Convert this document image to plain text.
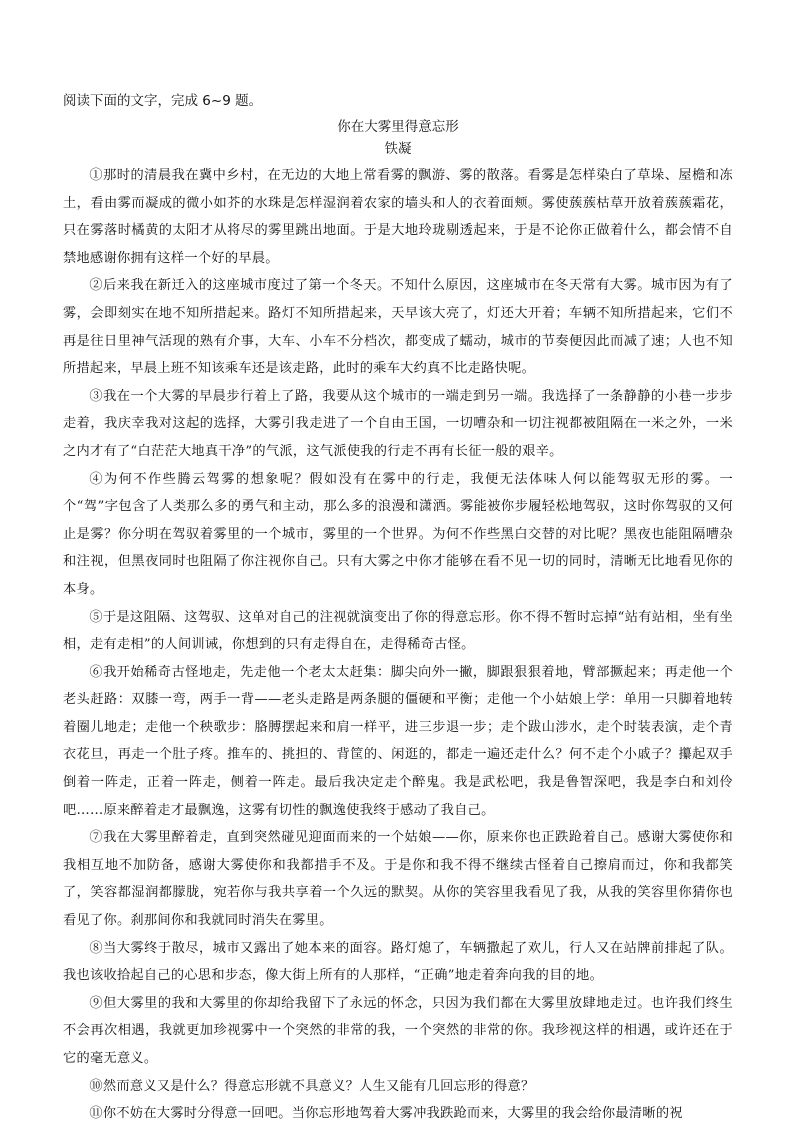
阅读下面的文字，完成 6~9 题。

你在大雾里得意忘形
铁凝

①那时的清晨我在冀中乡村，在无边的大地上常看雾的飘游、雾的散落。看雾是怎样染白了草垛、屋檐和冻土，看由雾而凝成的微小如芥的水珠是怎样湿润着农家的墙头和人的衣着面颊。雾使蔟蔟枯草开放着蔟蔟霜花，只在雾落时橘黄的太阳才从将尽的雾里跳出地面。于是大地玲珑剔透起来，于是不论你正做着什么，都会情不自禁地感谢你拥有这样一个好的早晨。

②后来我在新迁入的这座城市度过了第一个冬天。不知什么原因，这座城市在冬天常有大雾。城市因为有了雾，会即刻实在地不知所措起来。路灯不知所措起来，天早该大亮了，灯还大开着；车辆不知所措起来，它们不再是往日里神气活现的熟有介事，大车、小车不分档次，都变成了蠕动，城市的节奏便因此而减了速；人也不知所措起来，早晨上班不知该乘车还是该走路，此时的乘车大约真不比走路快呢。

③我在一个大雾的早晨步行着上了路，我要从这个城市的一端走到另一端。我选择了一条静静的小巷一步步走着，我庆幸我对这起的选择，大雾引我走进了一个自由王国，一切嘈杂和一切注视都被阻隔在一米之外，一米之内才有了“白茫茫大地真干净”的气派，这气派使我的行走不再有长征一般的艰辛。

④为何不作些腾云驾雾的想象呢？假如没有在雾中的行走，我便无法体味人何以能驾驭无形的雾。一个“驾”字包含了人类那么多的勇气和主动，那么多的浪漫和潇洒。雾能被你步履轻松地驾驭，这时你驾驭的又何止是雾？你分明在驾驭着雾里的一个城市，雾里的一个世界。为何不作些黑白交替的对比呢？黑夜也能阻隔嘈杂和注视，但黑夜同时也阻隔了你注视你自己。只有大雾之中你才能够在看不见一切的同时，清晰无比地看见你的本身。

⑤于是这阻隔、这驾驭、这单对自己的注视就演变出了你的得意忘形。你不得不暂时忘掉“站有站相，坐有坐相，走有走相”的人间训诫，你想到的只有走得自在，走得稀奇古怪。

⑥我开始稀奇古怪地走，先走他一个老太太赶集：脚尖向外一撇，脚跟狠狠着地，臂部撅起来；再走他一个老头赶路：双膝一弯，两手一背——老头走路是两条腿的僵硬和平衡；走他一个小姑娘上学：单用一只脚着地转着圈儿地走；走他一个秧歌步：胳膊摆起来和肩一样平，进三步退一步；走个跋山涉水，走个时装表演，走个青衣花旦，再走一个肚子疼。推车的、挑担的、背筐的、闲逛的，都走一遍还走什么？何不走个小戚子？攥起双手倒着一阵走，正着一阵走，侧着一阵走。最后我决定走个醉鬼。我是武松吧，我是鲁智深吧，我是李白和刘伶吧……原来醉着走才最飘逸，这雾有切性的飘逸使我终于感动了我自己。

⑦我在大雾里醉着走，直到突然碰见迎面而来的一个姑娘——你，原来你也正跌跄着自己。感谢大雾使你和我相互地不加防备，感谢大雾使你和我都措手不及。于是你和我不得不继续古怪着自己擦肩而过，你和我都笑了，笑容都湿润都朦胧，宛若你与我共享着一个久远的默契。从你的笑容里我看见了我，从我的笑容里你猜你也看见了你。刹那间你和我就同时消失在雾里。

⑧当大雾终于散尽，城市又露出了她本来的面容。路灯熄了，车辆撒起了欢儿，行人又在站牌前排起了队。我也该收拾起自己的心思和步态，像大街上所有的人那样，“正确”地走着奔向我的目的地。

⑨但大雾里的我和大雾里的你却给我留下了永远的怀念，只因为我们都在大雾里放肆地走过。也许我们终生不会再次相遇，我就更加珍视雾中一个突然的非常的我，一个突然的非常的你。我珍视这样的相遇，或许还在于它的毫无意义。

⑩然而意义又是什么？得意忘形就不具意义？人生又能有几回忘形的得意？

⑪你不妨在大雾时分得意一回吧。当你忘形地驾着大雾冲我跌跄而来，大雾里的我会给你最清晰的祝
